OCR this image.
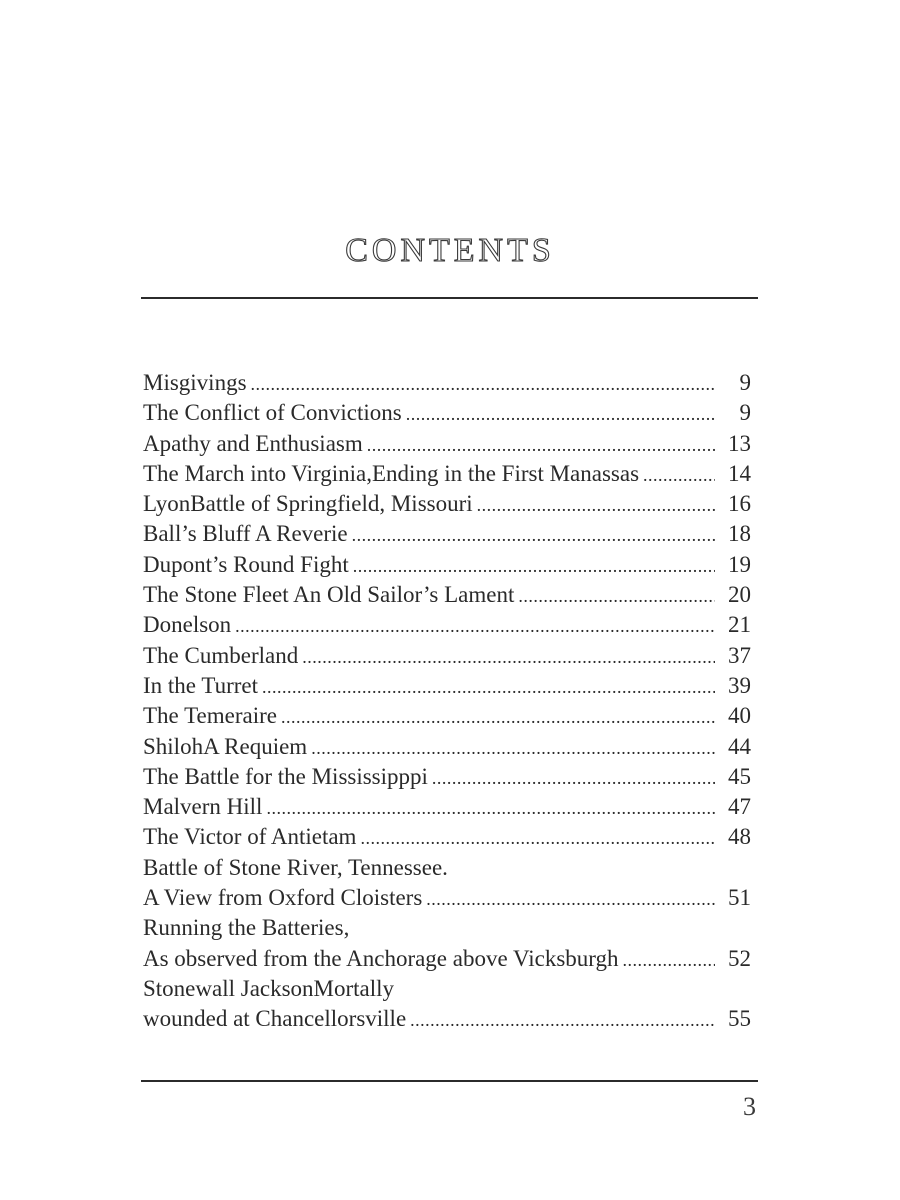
CONTENTS
Misgivings . . .	9
The Conflict of Convictions . . .	9
Apathy and Enthusiasm . . .	13
The March into Virginia,Ending in the First Manassas . . .	14
LyonBattle of Springfield, Missouri . . .	16
Ball’s Bluff A Reverie . . .	18
Dupont’s Round Fight . . .	19
The Stone Fleet An Old Sailor’s Lament . . .	20
Donelson . . .	21
The Cumberland . . .	37
In the Turret . . .	39
The Temeraire . . .	40
ShilohA Requiem . . .	44
The Battle for the Mississipppi . . .	45
Malvern Hill . . .	47
The Victor of Antietam . . .	48
Battle of Stone River, Tennessee.
A View from Oxford Cloisters . . .	51
Running the Batteries,
As observed from the Anchorage above Vicksburgh . . .	52
Stonewall JacksonMortally
wounded at Chancellorsville . . .	55
3
